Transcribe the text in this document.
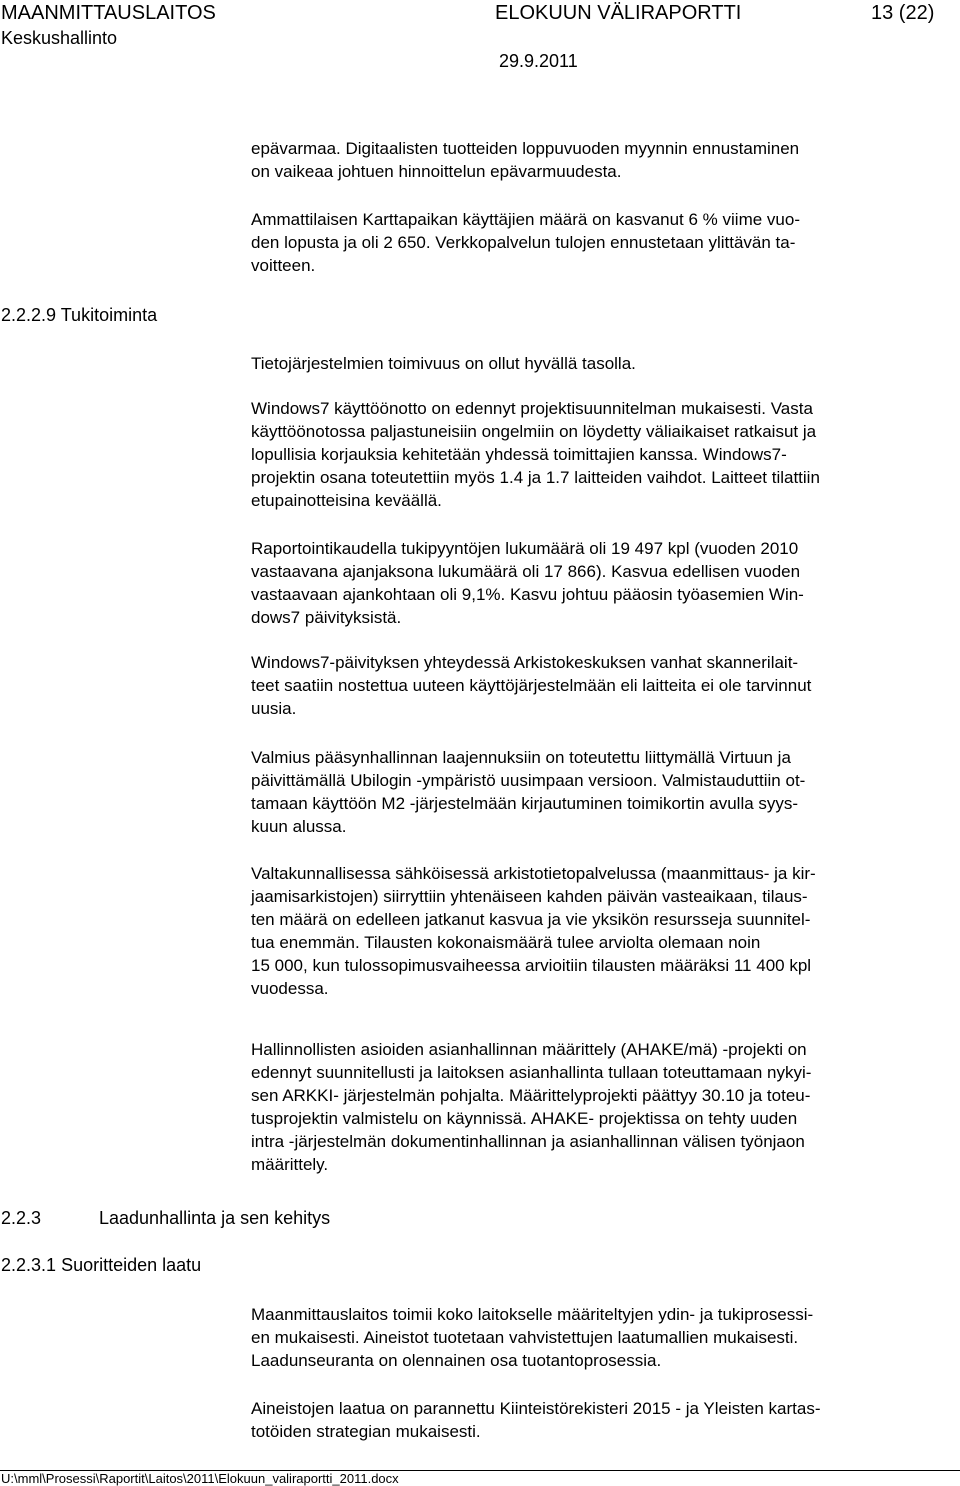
MAANMITTAUSLAITOS
Keskushallinto
ELOKUUN VÄLIRAPORTTI	13 (22)
29.9.2011
2.2.2.9 Tukitoiminta
2.2.3	Laadunhallinta ja sen kehitys
2.2.3.1 Suoritteiden laatu

epävarmaa. Digitaalisten tuotteiden loppuvuoden myynnin ennustaminen
on vaikeaa johtuen hinnoittelun epävarmuudesta.

Ammattilaisen Karttapaikan käyttäjien määrä on kasvanut 6 % viime vuo-
den lopusta ja oli 2 650. Verkkopalvelun tulojen ennustetaan ylittävän ta-
voitteen.

Tietojärjestelmien toimivuus on ollut hyvällä tasolla.

Windows7 käyttöönotto on edennyt projektisuunnitelman mukaisesti. Vasta
käyttöönotossa paljastuneisiin ongelmiin on löydetty väliaikaiset ratkaisut ja
lopullisia korjauksia kehitetään yhdessä toimittajien kanssa. Windows7-
projektin osana toteutettiin myös 1.4 ja 1.7 laitteiden vaihdot. Laitteet tilattiin
etupainotteisina keväällä.

Raportointikaudella tukipyyntöjen lukumäärä oli 19 497 kpl (vuoden 2010
vastaavana ajanjaksona lukumäärä oli 17 866). Kasvua edellisen vuoden
vastaavaan ajankohtaan oli 9,1%. Kasvu johtuu pääosin työasemien Win-
dows7 päivityksistä.

Windows7-päivityksen yhteydessä Arkistokeskuksen vanhat skannerilait-
teet saatiin nostettua uuteen käyttöjärjestelmään eli laitteita ei ole tarvinnut
uusia.

Valmius pääsynhallinnan laajennuksiin on toteutettu liittymällä Virtuun ja
päivittämällä Ubilogin -ympäristö uusimpaan versioon. Valmistauduttiin ot-
tamaan käyttöön M2 -järjestelmään kirjautuminen toimikortin avulla syys-
kuun alussa.

Valtakunnallisessa sähköisessä arkistotietopalvelussa (maanmittaus- ja kir-
jaamisarkistojen) siirryttiin yhtenäiseen kahden päivän vasteaikaan, tilaus-
ten määrä on edelleen jatkanut kasvua ja vie yksikön resursseja suunnitel-
tua enemmän. Tilausten kokonaismäärä tulee arviolta olemaan noin
15 000, kun tulossopimusvaiheessa arvioitiin tilausten määräksi 11 400 kpl
vuodessa.

Hallinnollisten asioiden asianhallinnan määrittely (AHAKE/mä) -projekti on
edennyt suunnitellusti ja laitoksen asianhallinta tullaan toteuttamaan nykyi-
sen ARKKI- järjestelmän pohjalta. Määrittelyprojekti päättyy 30.10 ja toteu-
tusprojektin valmistelu on käynnissä. AHAKE- projektissa on tehty uuden
intra -järjestelmän dokumentinhallinnan ja asianhallinnan välisen työnjaon
määrittely.

Maanmittauslaitos toimii koko laitokselle määriteltyjen ydin- ja tukiprosessi-
en mukaisesti. Aineistot tuotetaan vahvistettujen laatumallien mukaisesti.
Laadunseuranta on olennainen osa tuotantoprosessia.

Aineistojen laatua on parannettu Kiinteistörekisteri 2015 - ja Yleisten kartas-
totöiden strategian mukaisesti.

U:\mml\Prosessi\Raportit\Laitos\2011\Elokuun_valiraportti_2011.docx
